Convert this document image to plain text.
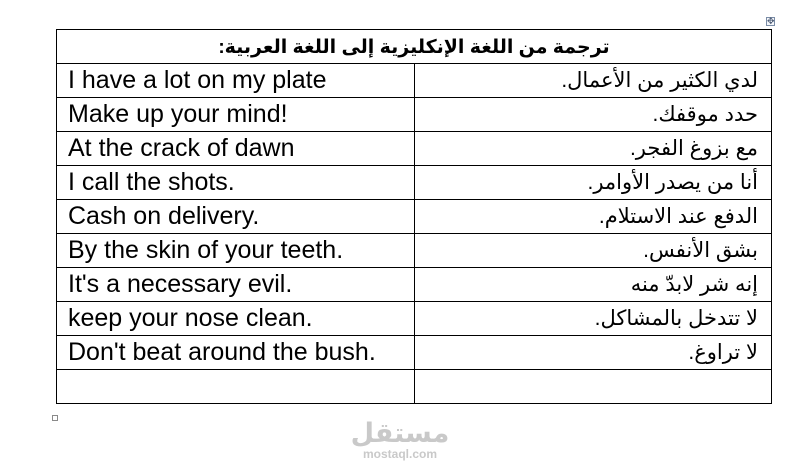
✥
ترجمة من اللغة الإنكليزية إلى اللغة العربية:	
I have a lot on my plate	لدي الكثير من الأعمال.
Make up your mind!	حدد موقفك.
At the crack of dawn	مع بزوغ الفجر.
I call the shots.	أنا من يصدر الأوامر.
Cash on delivery.	الدفع عند الاستلام.
By the skin of your teeth.	بشق الأنفس.
It's a necessary evil.	إنه شر لابدّ منه
keep your nose clean.	لا تتدخل بالمشاكل.
Don't beat around the bush.	لا تراوغ.

مستقل
mostaql.com
